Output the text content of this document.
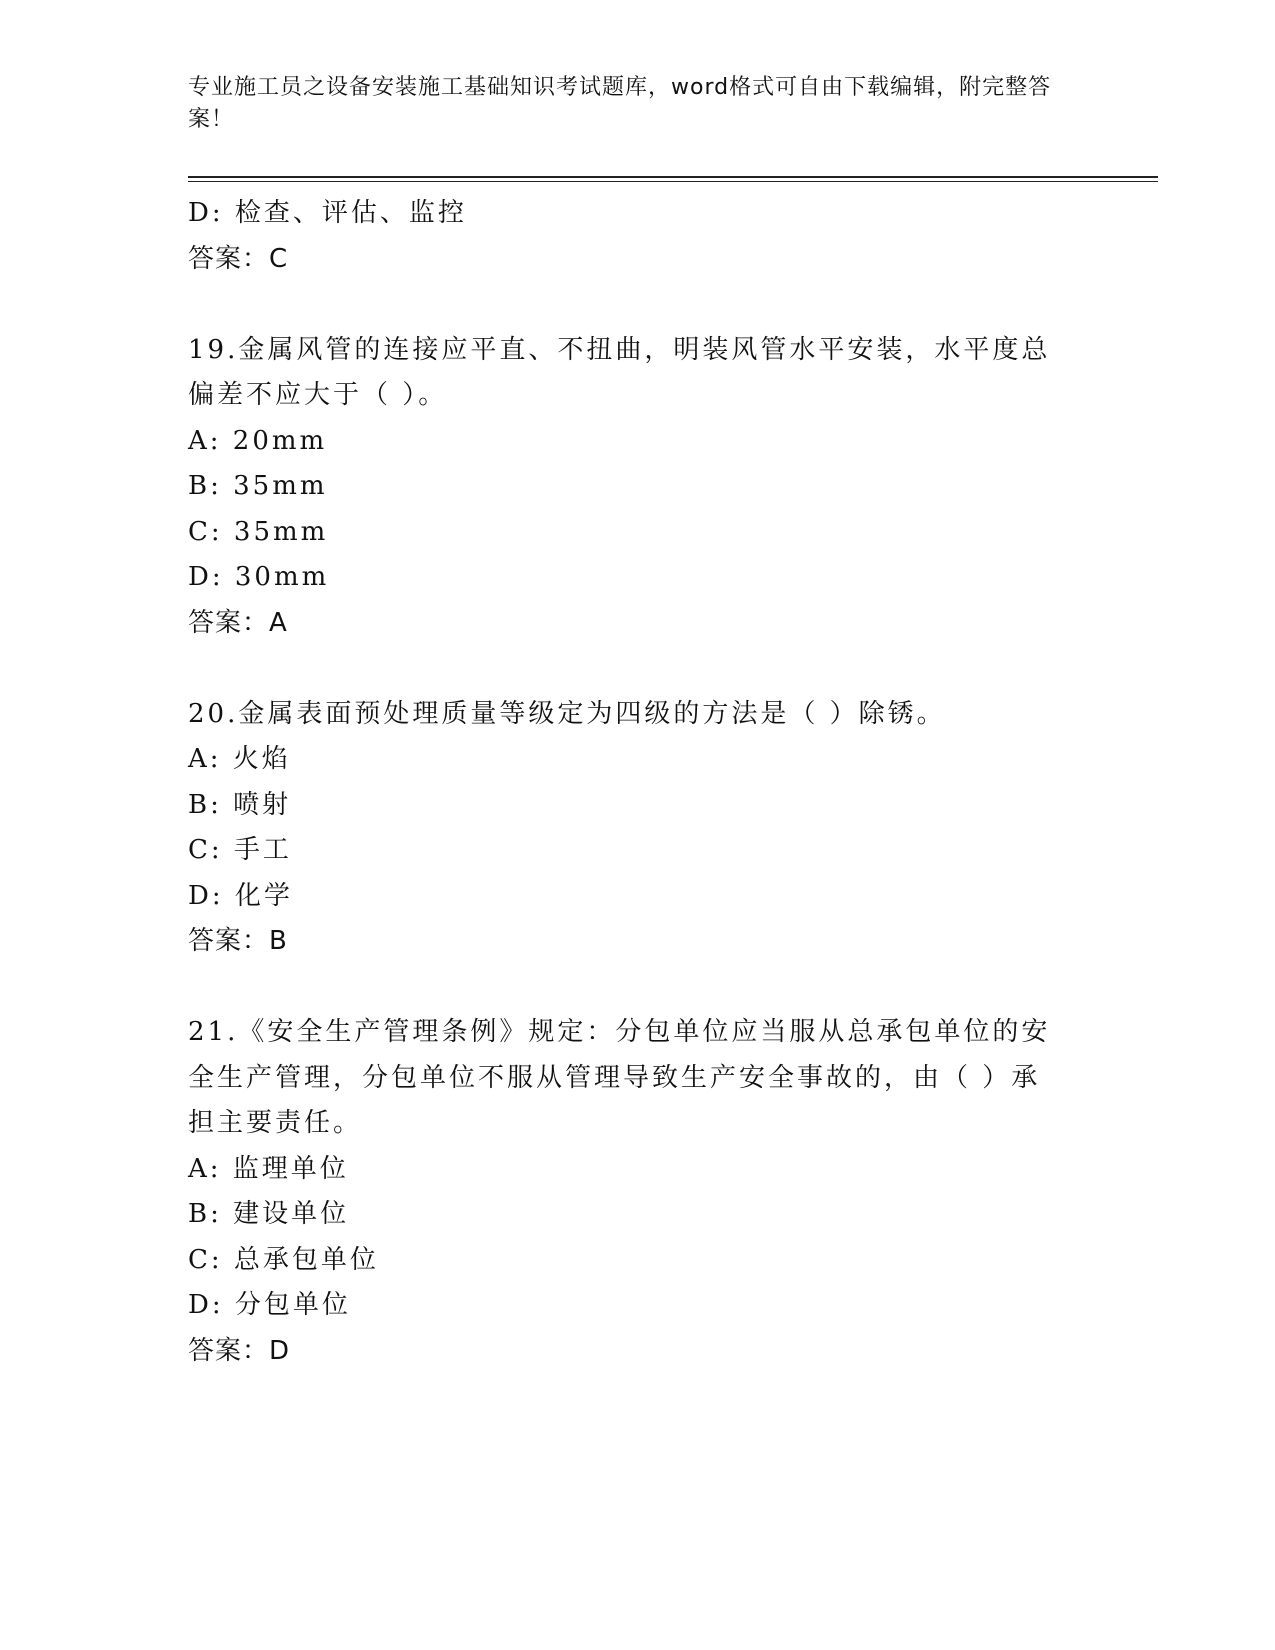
专业施工员之设备安装施工基础知识考试题库，word格式可自由下载编辑，附完整答案！
D: 检查、评估、监控
答案：C
19.金属风管的连接应平直、不扭曲，明装风管水平安装，水平度总偏差不应大于（ ）。
A: 20mm
B: 35mm
C: 35mm
D: 30mm
答案：A
20.金属表面预处理质量等级定为四级的方法是（ ）除锈。
A: 火焰
B: 喷射
C: 手工
D: 化学
答案：B
21.《安全生产管理条例》规定：分包单位应当服从总承包单位的安全生产管理，分包单位不服从管理导致生产安全事故的，由（ ）承担主要责任。
A: 监理单位
B: 建设单位
C: 总承包单位
D: 分包单位
答案：D
